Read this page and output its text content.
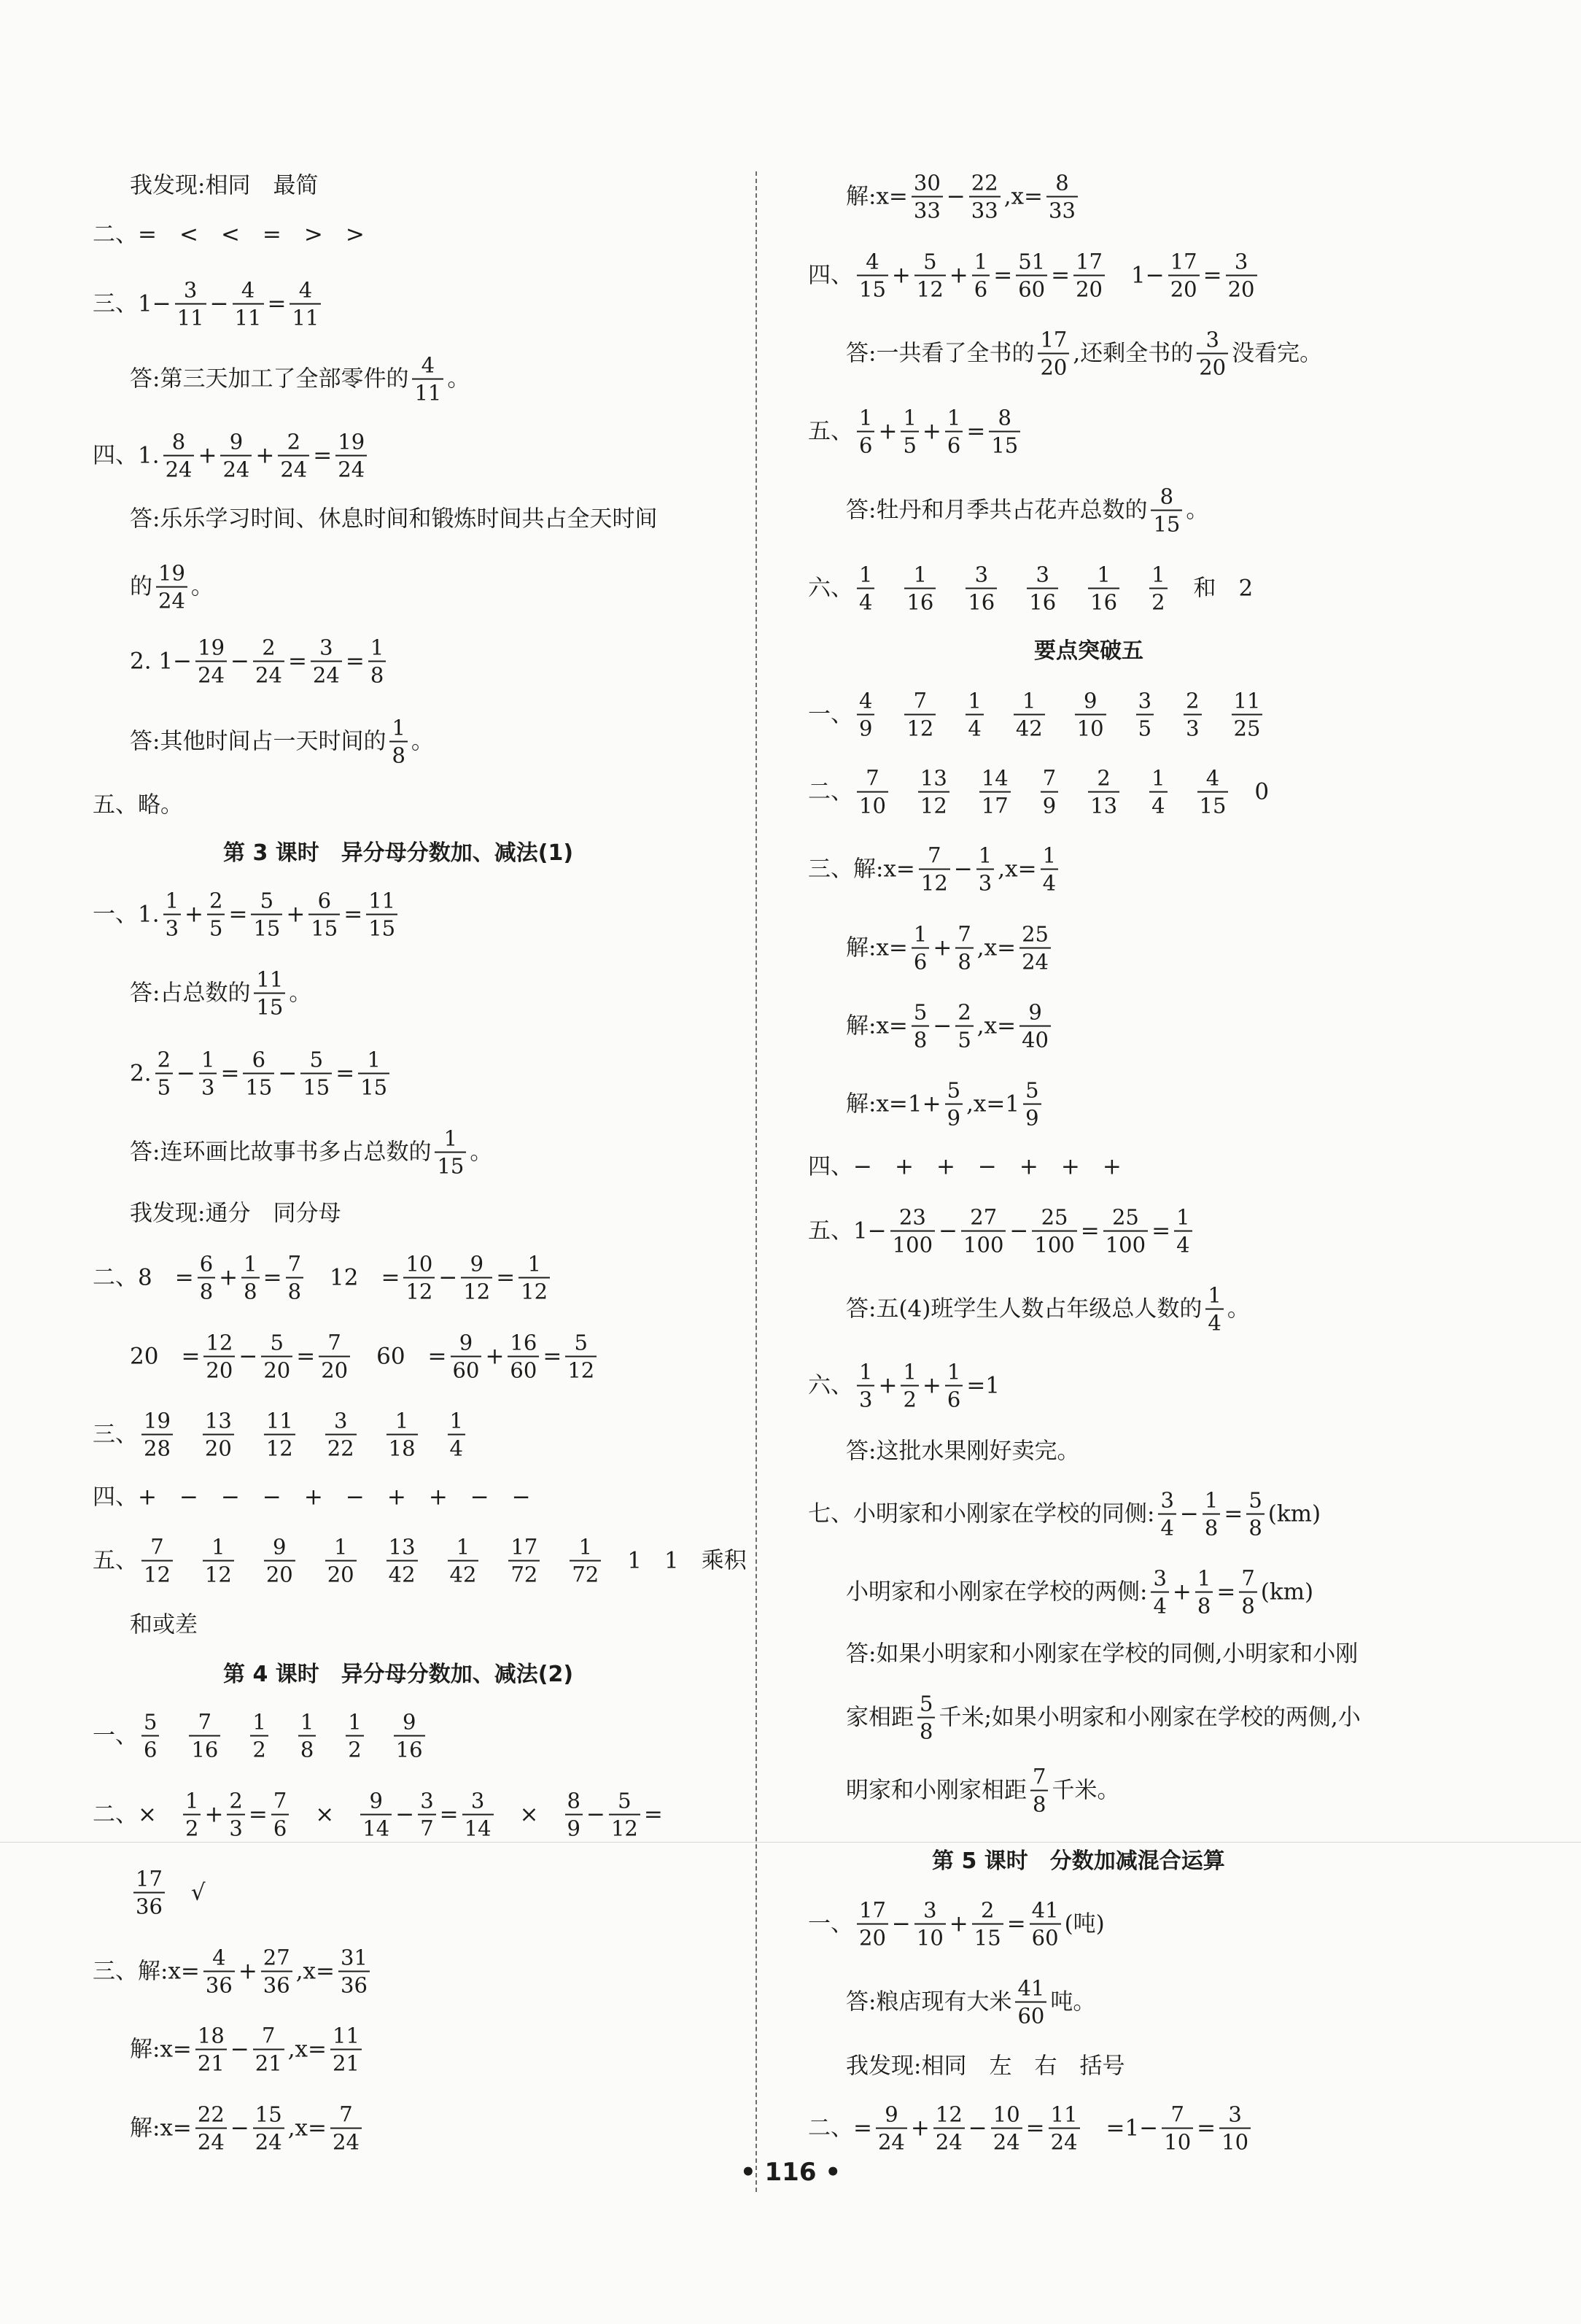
我发现:相同　最简
二、=　<　<　=　>　>
三、$1- \frac{3}{11} - \frac{4}{11} = \frac{4}{11}$
答:第三天加工了全部零件的 $\frac{4}{11}$ 。
四、1. $\frac{8}{24} + \frac{9}{24} + \frac{2}{24} = \frac{19}{24}$
答:乐乐学习时间、休息时间和锻炼时间共占全天时间
的 $\frac{19}{24}$ 。
2. $1- \frac{19}{24} - \frac{2}{24} = \frac{3}{24} = \frac{1}{8}$
答:其他时间占一天时间的 $\frac{1}{8}$ 。
五、略。
第 3 课时　异分母分数加、减法(1)
一、1. $\frac{1}{3} + \frac{2}{5} = \frac{5}{15} + \frac{6}{15} = \frac{11}{15}$
答:占总数的 $\frac{11}{15}$ 。
2. $\frac{2}{5} - \frac{1}{3} = \frac{6}{15} - \frac{5}{15} = \frac{1}{15}$
答:连环画比故事书多占总数的 $\frac{1}{15}$ 。
我发现:通分　同分母
二、8　= $\frac{6}{8} + \frac{1}{8} = \frac{7}{8}$ 　12　= $\frac{10}{12} - \frac{9}{12} = \frac{1}{12}$
20　= $\frac{12}{20} - \frac{5}{20} = \frac{7}{20}$ 　60　= $\frac{9}{60} + \frac{16}{60} = \frac{5}{12}$
三、 $\frac{19}{28}$
　 $\frac{13}{20}$
　 $\frac{11}{12}$
　 $\frac{3}{22}$
　 $\frac{1}{18}$
　 $\frac{1}{4}$
四、+　−　−　−　+　−　+　+　−　−
五、 $\frac{7}{12}$
　 $\frac{1}{12}$
　 $\frac{9}{20}$
　 $\frac{1}{20}$
　 $\frac{13}{42}$
　 $\frac{1}{42}$
　 $\frac{17}{72}$
　 $\frac{1}{72}$ 　1　1　乘积
和或差
第 4 课时　异分母分数加、减法(2)
一、 $\frac{5}{6}$
　 $\frac{7}{16}$
　 $\frac{1}{2}$
　 $\frac{1}{8}$
　 $\frac{1}{2}$
　 $\frac{9}{16}$
二、×　 $\frac{1}{2} + \frac{2}{3} = \frac{7}{6}$ 　×　 $\frac{9}{14} - \frac{3}{7} = \frac{3}{14}$ 　×　 $\frac{8}{9} - \frac{5}{12}$ =
$\frac{17}{36}$ 　√
三、解:x= $\frac{4}{36} + \frac{27}{36} ,x= \frac{31}{36}$
解:x= $\frac{18}{21} - \frac{7}{21} ,x= \frac{11}{21}$
解:x= $\frac{22}{24} - \frac{15}{24} ,x= \frac{7}{24}$
解:x= $\frac{30}{33} - \frac{22}{33} ,x= \frac{8}{33}$
四、 $\frac{4}{15} + \frac{5}{12} + \frac{1}{6} = \frac{51}{60} = \frac{17}{20}$ 　$1- \frac{17}{20} = \frac{3}{20}$
答:一共看了全书的 $\frac{17}{20}$ ,还剩全书的 $\frac{3}{20}$ 没看完。
五、 $\frac{1}{6} + \frac{1}{5} + \frac{1}{6} = \frac{8}{15}$
答:牡丹和月季共占花卉总数的 $\frac{8}{15}$ 。
六、 $\frac{1}{4}$
　 $\frac{1}{16}$
　 $\frac{3}{16}$
　 $\frac{3}{16}$
　 $\frac{1}{16}$
　 $\frac{1}{2}$ 　和　2
要点突破五
一、 $\frac{4}{9}$
　 $\frac{7}{12}$
　 $\frac{1}{4}$
　 $\frac{1}{42}$
　 $\frac{9}{10}$
　 $\frac{3}{5}$
　 $\frac{2}{3}$
　 $\frac{11}{25}$
二、 $\frac{7}{10}$
　 $\frac{13}{12}$
　 $\frac{14}{17}$
　 $\frac{7}{9}$
　 $\frac{2}{13}$
　 $\frac{1}{4}$
　 $\frac{4}{15}$ 　0
三、解:x= $\frac{7}{12} - \frac{1}{3} ,x= \frac{1}{4}$
解:x= $\frac{1}{6} + \frac{7}{8} ,x= \frac{25}{24}$
解:x= $\frac{5}{8} - \frac{2}{5} ,x= \frac{9}{40}$
解:x=1+ $\frac{5}{9} ,x=1 \frac{5}{9}$
四、−　+　+　−　+　+　+
五、$1- \frac{23}{100} - \frac{27}{100} - \frac{25}{100} = \frac{25}{100} = \frac{1}{4}$
答:五(4)班学生人数占年级总人数的 $\frac{1}{4}$ 。
六、 $\frac{1}{3} + \frac{1}{2} + \frac{1}{6} =1$
答:这批水果刚好卖完。
七、小明家和小刚家在学校的同侧: $\frac{3}{4} - \frac{1}{8} = \frac{5}{8} (km)$
小明家和小刚家在学校的两侧: $\frac{3}{4} + \frac{1}{8} = \frac{7}{8} (km)$
答:如果小明家和小刚家在学校的同侧,小明家和小刚
家相距 $\frac{5}{8}$ 千米;如果小明家和小刚家在学校的两侧,小
明家和小刚家相距 $\frac{7}{8}$ 千米。
第 5 课时　分数加减混合运算
一、 $\frac{17}{20} - \frac{3}{10} + \frac{2}{15} = \frac{41}{60}$ (吨)
答:粮店现有大米 $\frac{41}{60}$ 吨。
我发现:相同　左　右　括号
二、= $\frac{9}{24} + \frac{12}{24} - \frac{10}{24} = \frac{11}{24}$ 　$=1- \frac{7}{10} = \frac{3}{10}$
• 116 •
